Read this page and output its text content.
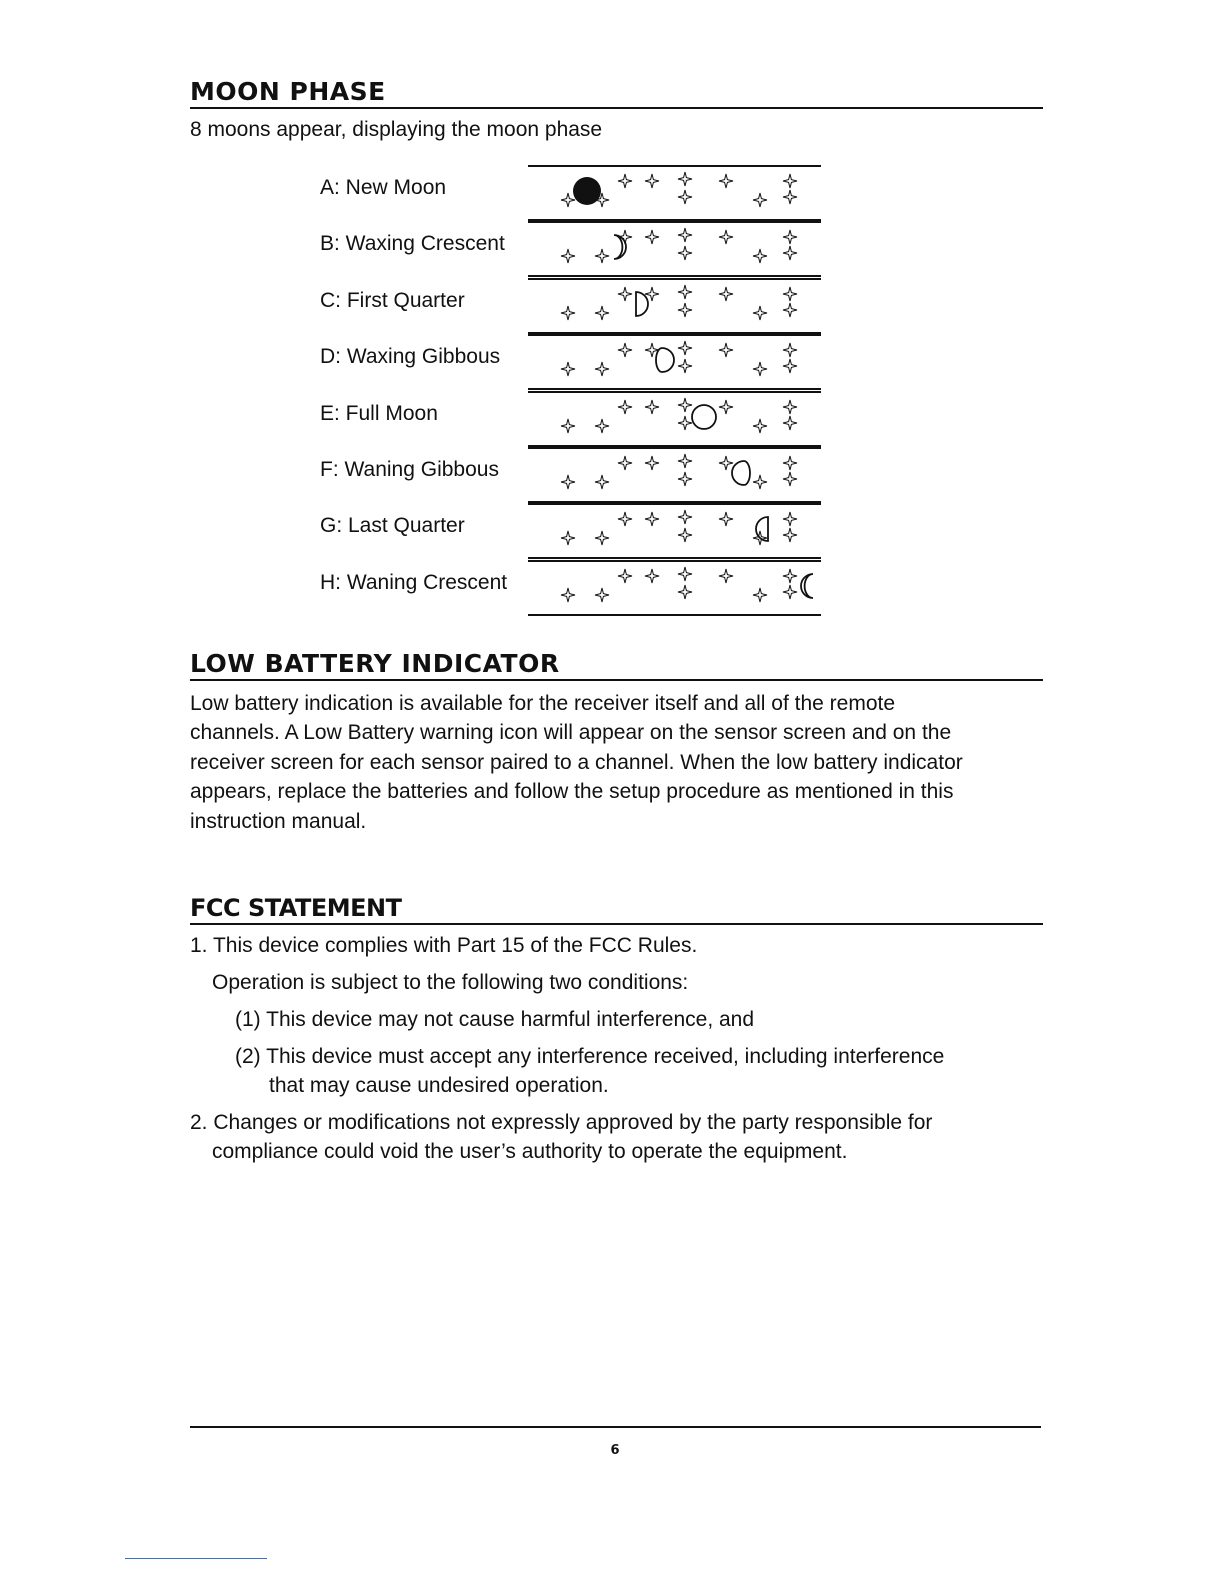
MOON PHASE
8 moons appear, displaying the moon phase
A: New Moon
B: Waxing Crescent
C: First Quarter
D: Waxing Gibbous
E: Full Moon
F: Waning Gibbous
G: Last Quarter
H: Waning Crescent
LOW BATTERY INDICATOR
Low battery indication is available for the receiver itself and all of the remote
channels. A Low Battery warning icon will appear on the sensor screen and on the
receiver screen for each sensor paired to a channel. When the low battery indicator
appears, replace the batteries and follow the setup procedure as mentioned in this
instruction manual.
FCC STATEMENT
1. This device complies with Part 15 of the FCC Rules.
Operation is subject to the following two conditions:
(1) This device may not cause harmful interference, and
(2) This device must accept any interference received, including interference
that may cause undesired operation.
2. Changes or modifications not expressly approved by the party responsible for
compliance could void the user’s authority to operate the equipment.
6
